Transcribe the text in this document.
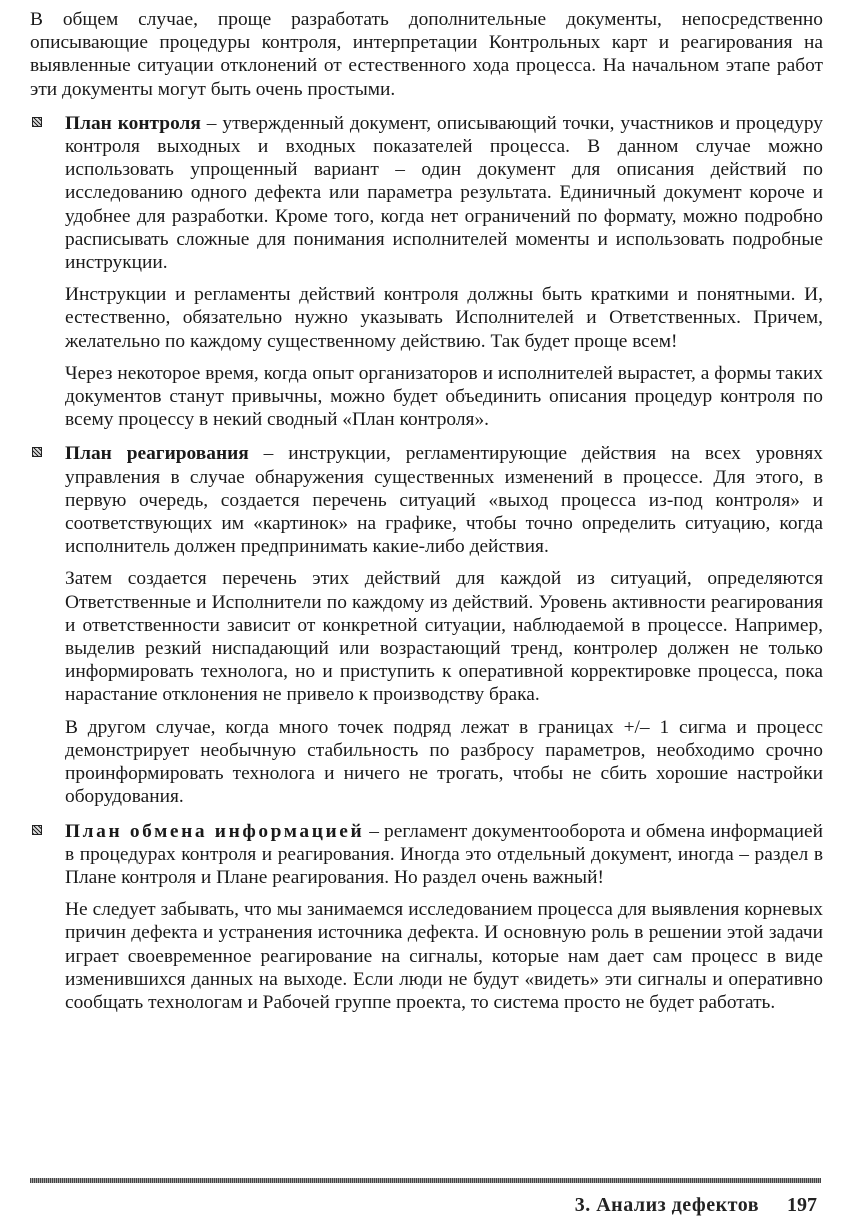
В общем случае, проще разработать дополнительные документы, непосредственно описывающие процедуры контроля, интерпретации Контрольных карт и реагирования на выявленные ситуации отклонений от естественного хода процесса. На начальном этапе работ эти документы могут быть очень простыми.

План контроля – утвержденный документ, описывающий точки, участников и процедуру контроля выходных и входных показателей процесса. В данном случае можно использовать упрощенный вариант – один документ для описания действий по исследованию одного дефекта или параметра результата. Единичный документ короче и удобнее для разработки. Кроме того, когда нет ограничений по формату, можно подробно расписывать сложные для понимания исполнителей моменты и использовать подробные инструкции.

Инструкции и регламенты действий контроля должны быть краткими и понятными. И, естественно, обязательно нужно указывать Исполнителей и Ответственных. Причем, желательно по каждому существенному действию. Так будет проще всем!

Через некоторое время, когда опыт организаторов и исполнителей вырастет, а формы таких документов станут привычны, можно будет объединить описания процедур контроля по всему процессу в некий сводный «План контроля».

План реагирования – инструкции, регламентирующие действия на всех уровнях управления в случае обнаружения существенных изменений в процессе. Для этого, в первую очередь, создается перечень ситуаций «выход процесса из-под контроля» и соответствующих им «картинок» на графике, чтобы точно определить ситуацию, когда исполнитель должен предпринимать какие-либо действия.

Затем создается перечень этих действий для каждой из ситуаций, определяются Ответственные и Исполнители по каждому из действий. Уровень активности реагирования и ответственности зависит от конкретной ситуации, наблюдаемой в процессе. Например, выделив резкий ниспадающий или возрастающий тренд, контролер должен не только информировать технолога, но и приступить к оперативной корректировке процесса, пока нарастание отклонения не привело к производству брака.

В другом случае, когда много точек подряд лежат в границах +/– 1 сигма и процесс демонстрирует необычную стабильность по разбросу параметров, необходимо срочно проинформировать технолога и ничего не трогать, чтобы не сбить хорошие настройки оборудования.

План обмена информацией – регламент документооборота и обмена информацией в процедурах контроля и реагирования. Иногда это отдельный документ, иногда – раздел в Плане контроля и Плане реагирования. Но раздел очень важный!

Не следует забывать, что мы занимаемся исследованием процесса для выявления корневых причин дефекта и устранения источника дефекта. И основную роль в решении этой задачи играет своевременное реагирование на сигналы, которые нам дает сам процесс в виде изменившихся данных на выходе. Если люди не будут «видеть» эти сигналы и оперативно сообщать технологам и Рабочей группе проекта, то система просто не будет работать.

3. Анализ дефектов 197
